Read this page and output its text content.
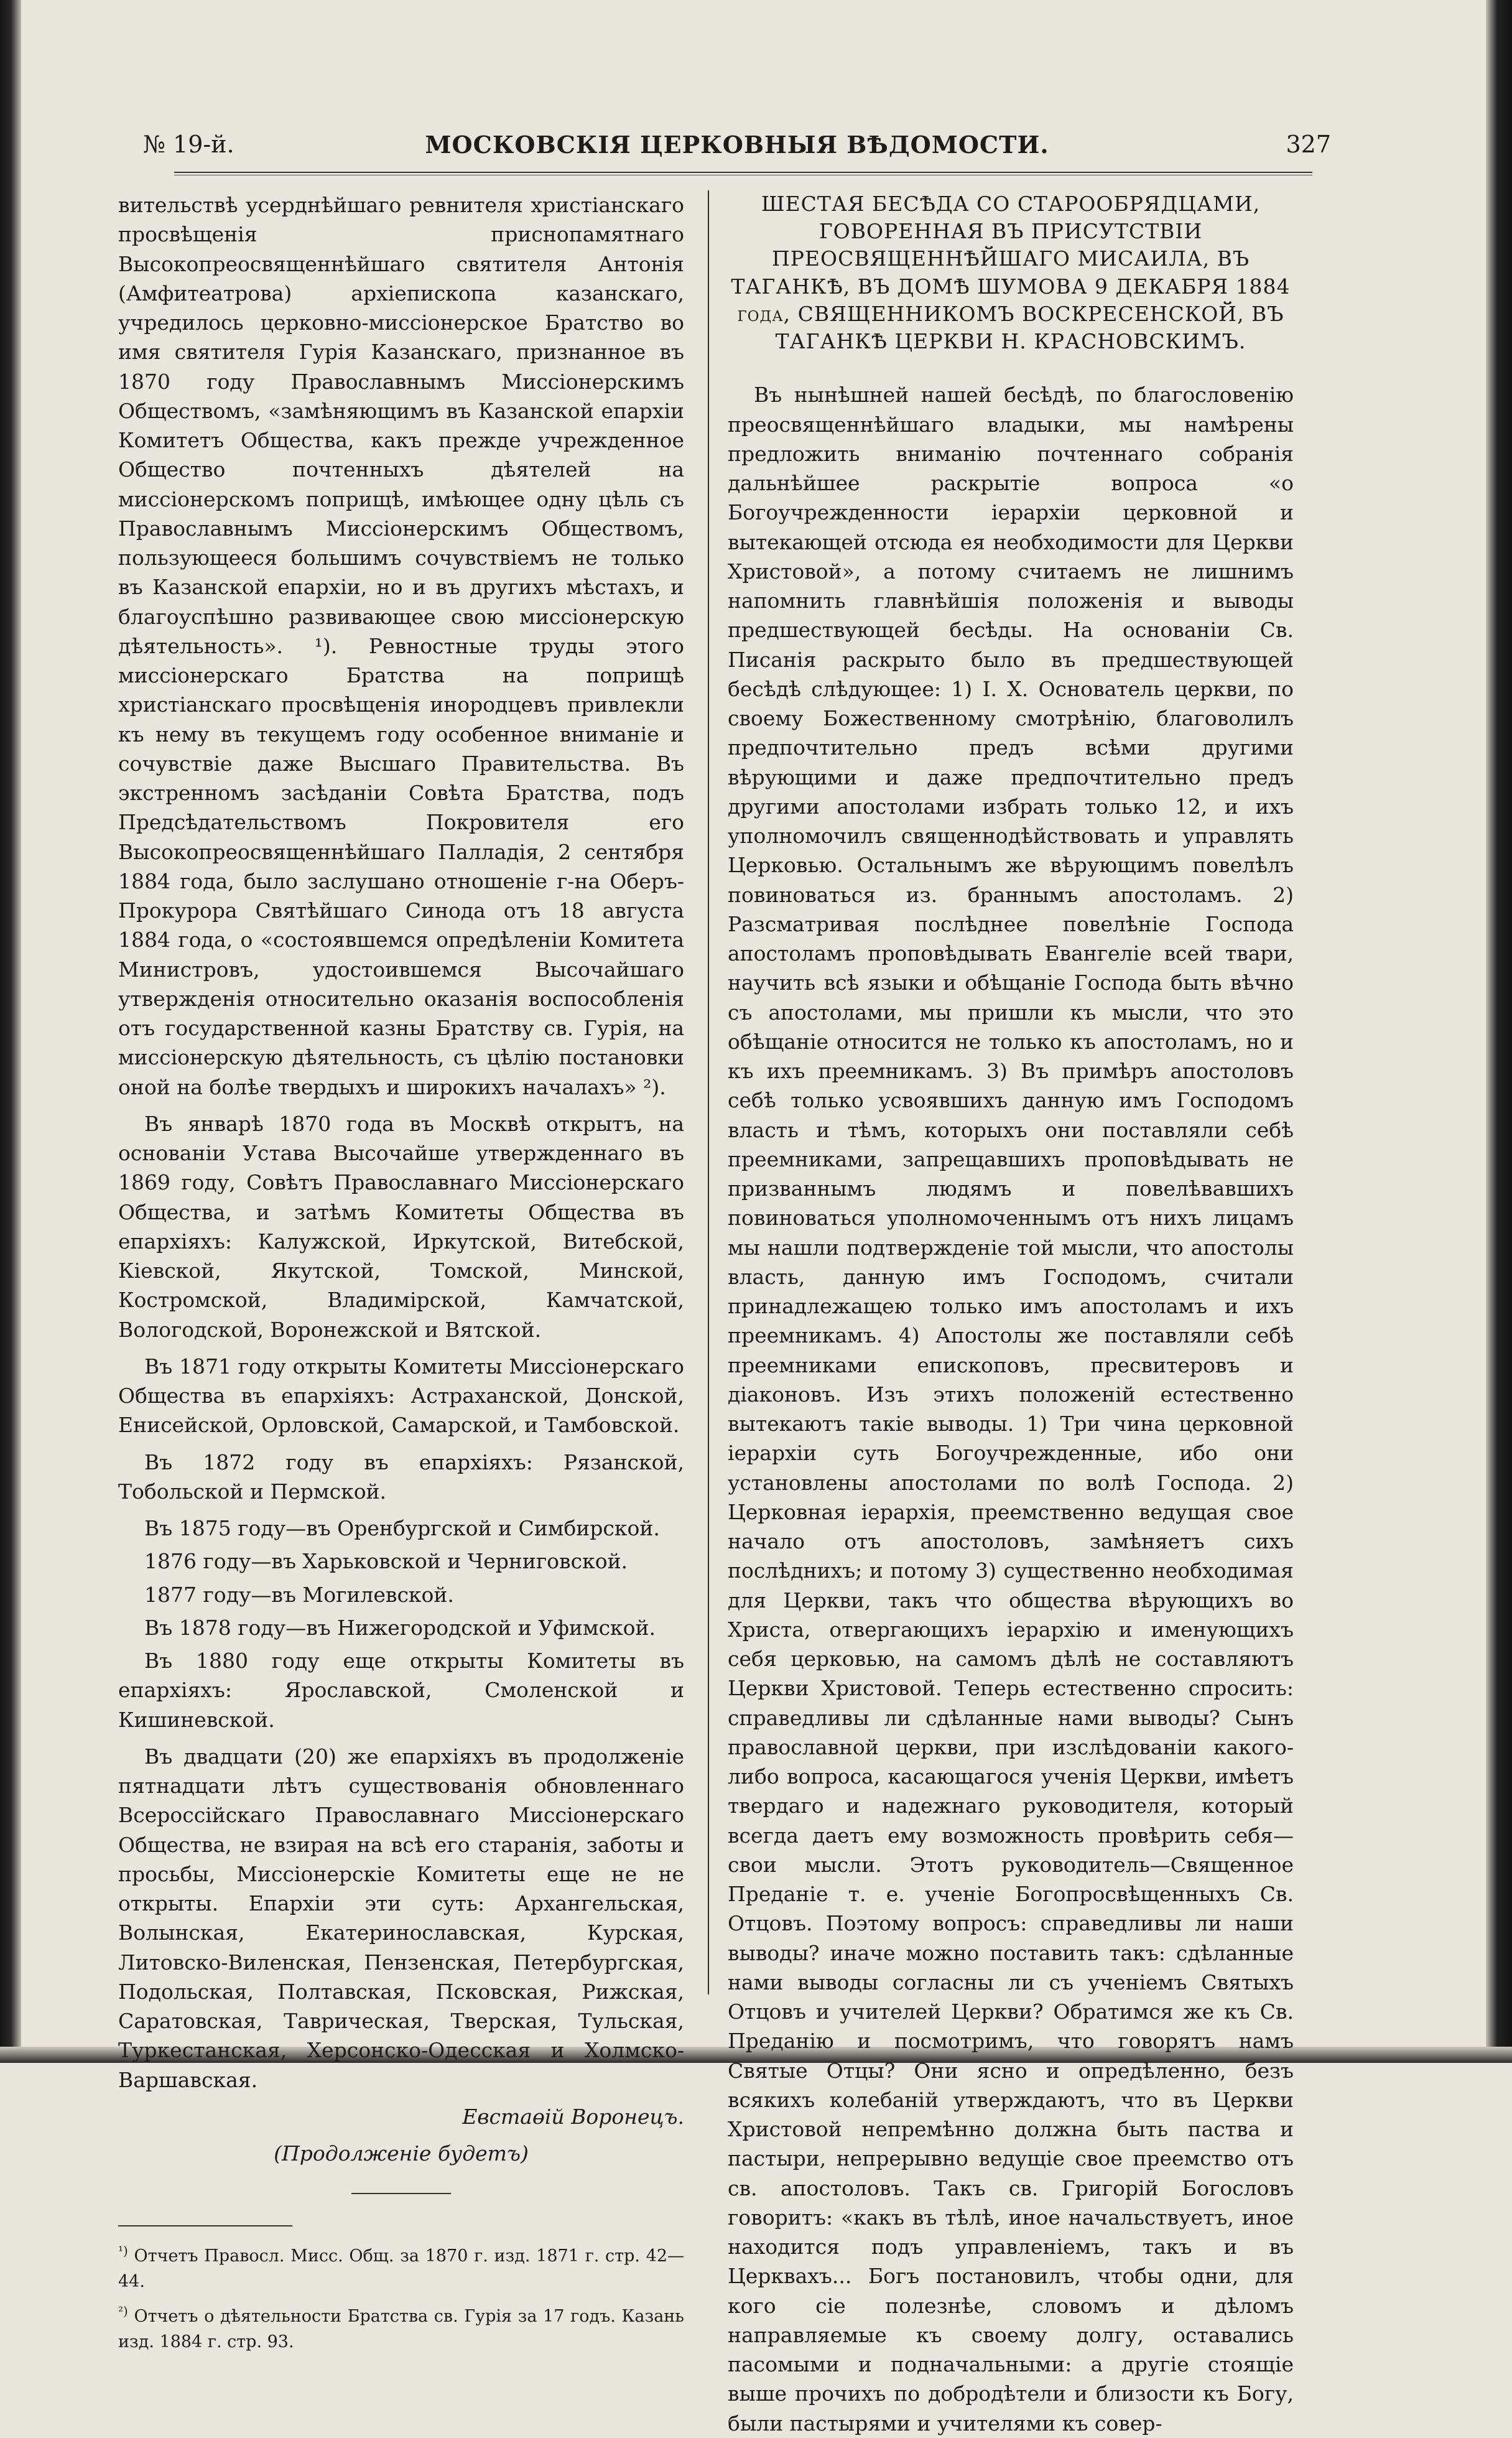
№ 19-й.	МОСКОВСКІЯ ЦЕРКОВНЫЯ ВѢДОМОСТИ.	327

вительствѣ усерднѣйшаго ревнителя христіанскаго просвѣщенія приснопамятнаго Высокопреосвященнѣйшаго святителя Антонія (Амфитеатрова) архіепископа казанскаго, учредилось церковно-миссіонерское Братство во имя святителя Гурія Казанскаго, признанное въ 1870 году Православнымъ Миссіонерскимъ Обществомъ, «замѣняющимъ въ Казанской епархіи Комитетъ Общества, какъ прежде учрежденное Общество почтенныхъ дѣятелей на миссіонерскомъ поприщѣ, имѣющее одну цѣль съ Православнымъ Миссіонерскимъ Обществомъ, пользующееся большимъ сочувствіемъ не только въ Казанской епархіи, но и въ другихъ мѣстахъ, и благоуспѣшно развивающее свою миссіонерскую дѣятельность». ¹). Ревностные труды этого миссіонерскаго Братства на поприщѣ христіанскаго просвѣщенія инородцевъ привлекли къ нему въ текущемъ году особенное вниманіе и сочувствіе даже Высшаго Правительства. Въ экстренномъ засѣданіи Совѣта Братства, подъ Предсѣдательствомъ Покровителя его Высокопреосвященнѣйшаго Палладія, 2 сентября 1884 года, было заслушано отношеніе г-на Оберъ-Прокурора Святѣйшаго Синода отъ 18 августа 1884 года, о «состоявшемся опредѣленіи Комитета Министровъ, удостоившемся Высочайшаго утвержденія относительно оказанія воспособленія отъ государственной казны Братству св. Гурія, на миссіонерскую дѣятельность, съ цѣлію постановки оной на болѣе твердыхъ и широкихъ началахъ» ²).

Въ январѣ 1870 года въ Москвѣ открытъ, на основаніи Устава Высочайше утвержденнаго въ 1869 году, Совѣтъ Православнаго Миссіонерскаго Общества, и затѣмъ Комитеты Общества въ епархіяхъ: Калужской, Иркутской, Витебской, Кіевской, Якутской, Томской, Минской, Костромской, Владимірской, Камчатской, Вологодской, Воронежской и Вятской.

Въ 1871 году открыты Комитеты Миссіонерскаго Общества въ епархіяхъ: Астраханской, Донской, Енисейской, Орловской, Самарской, и Тамбовской.

Въ 1872 году въ епархіяхъ: Рязанской, Тобольской и Пермской.

Въ 1875 году—въ Оренбургской и Симбирской.

1876 году—въ Харьковской и Черниговской.

1877 году—въ Могилевской.

Въ 1878 году—въ Нижегородской и Уфимской.

Въ 1880 году еще открыты Комитеты въ епархіяхъ: Ярославской, Смоленской и Кишиневской.

Въ двадцати (20) же епархіяхъ въ продолженіе пятнадцати лѣтъ существованія обновленнаго Всероссійскаго Православнаго Миссіонерскаго Общества, не взирая на всѣ его старанія, заботы и просьбы, Миссіонерскіе Комитеты еще не не открыты. Епархіи эти суть: Архангельская, Волынская, Екатеринославская, Курская, Литовско-Виленская, Пензенская, Петербургская, Подольская, Полтавская, Псковская, Рижская, Саратовская, Таврическая, Тверская, Тульская, Туркестанская, Херсонско-Одесская и Холмско-Варшавская.

Евстаөій Воронецъ.

(Продолженіе будетъ)

$^{^1)}$ Отчетъ Правосл. Мисс. Общ. за 1870 г. изд. 1871 г. стр. 42—44.

$^{^2)}$ Отчетъ о дѣятельности Братства св. Гурія за 17 годъ. Казань изд. 1884 г. стр. 93.

ШЕСТАЯ БЕСѢДА СО СТАРООБРЯДЦАМИ, ГОВОРЕННАЯ ВЪ ПРИСУТСТВІИ ПРЕОСВЯЩЕННѢЙШАГО МИСАИЛА, ВЪ ТАГАНКѢ, ВЪ ДОМѢ ШУМОВА 9 ДЕКАБРЯ 1884 года, СВЯЩЕННИКОМЪ ВОСКРЕСЕНСКОЙ, ВЪ ТАГАНКѢ ЦЕРКВИ Н. КРАСНОВСКИМЪ.

Въ нынѣшней нашей бесѣдѣ, по благословенію преосвященнѣйшаго владыки, мы намѣрены предложить вниманію почтеннаго собранія дальнѣйшее раскрытіе вопроса «о Богоучрежденности іерархіи церковной и вытекающей отсюда ея необходимости для Церкви Христовой», а потому считаемъ не лишнимъ напомнить главнѣйшія положенія и выводы предшествующей бесѣды. На основаніи Св. Писанія раскрыто было въ предшествующей бесѣдѣ слѣдующее: 1) І. Х. Основатель церкви, по своему Божественному смотрѣнію, благоволилъ предпочтительно предъ всѣми другими вѣрующими и даже предпочтительно предъ другими апостолами избрать только 12, и ихъ уполномочилъ священнодѣйствовать и управлять Церковью. Остальнымъ же вѣрующимъ повелѣлъ повиноваться из. браннымъ апостоламъ. 2) Разсматривая послѣднее повелѣніе Господа апостоламъ проповѣдывать Евангеліе всей твари, научить всѣ языки и обѣщаніе Господа быть вѣчно съ апостолами, мы пришли къ мысли, что это обѣщаніе относится не только къ апостоламъ, но и къ ихъ преемникамъ. 3) Въ примѣръ апостоловъ себѣ только усвоявшихъ данную имъ Господомъ власть и тѣмъ, которыхъ они поставляли себѣ преемниками, запрещавшихъ проповѣдывать не призваннымъ людямъ и повелѣвавшихъ повиноваться уполномоченнымъ отъ нихъ лицамъ мы нашли подтвержденіе той мысли, что апостолы власть, данную имъ Господомъ, считали принадлежащею только имъ апостоламъ и ихъ преемникамъ. 4) Апостолы же поставляли себѣ преемниками епископовъ, пресвитеровъ и діаконовъ. Изъ этихъ положеній естественно вытекаютъ такіе выводы. 1) Три чина церковной іерархіи суть Богоучрежденные, ибо они установлены апостолами по волѣ Господа. 2) Церковная іерархія, преемственно ведущая свое начало отъ апостоловъ, замѣняетъ сихъ послѣднихъ; и потому 3) существенно необходимая для Церкви, такъ что общества вѣрующихъ во Христа, отвергающихъ іерархію и именующихъ себя церковью, на самомъ дѣлѣ не составляютъ Церкви Христовой. Теперь естественно спросить: справедливы ли сдѣланные нами выводы? Сынъ православной церкви, при изслѣдованіи какого-либо вопроса, касающагося ученія Церкви, имѣетъ твердаго и надежнаго руководителя, который всегда даетъ ему возможность провѣрить себя—свои мысли. Этотъ руководитель—Священное Преданіе т. е. ученіе Богопросвѣщенныхъ Св. Отцовъ. Поэтому вопросъ: справедливы ли наши выводы? иначе можно поставить такъ: сдѣланные нами выводы согласны ли съ ученіемъ Святыхъ Отцовъ и учителей Церкви? Обратимся же къ Св. Преданію и посмотримъ, что говорятъ намъ Святые Отцы? Они ясно и опредѣленно, безъ всякихъ колебаній утверждаютъ, что въ Церкви Христовой непремѣнно должна быть паства и пастыри, непрерывно ведущіе свое преемство отъ св. апостоловъ. Такъ св. Григорій Богословъ говоритъ: «какъ въ тѣлѣ, иное начальствуетъ, иное находится подъ управленіемъ, такъ и въ Церквахъ... Богъ постановилъ, чтобы одни, для кого сіе полезнѣе, словомъ и дѣломъ направляемые къ своему долгу, оставались пасомыми и подначальными: а другіе стоящіе выше прочихъ по добродѣтели и близости къ Богу, были пастырями и учителями къ совер-
